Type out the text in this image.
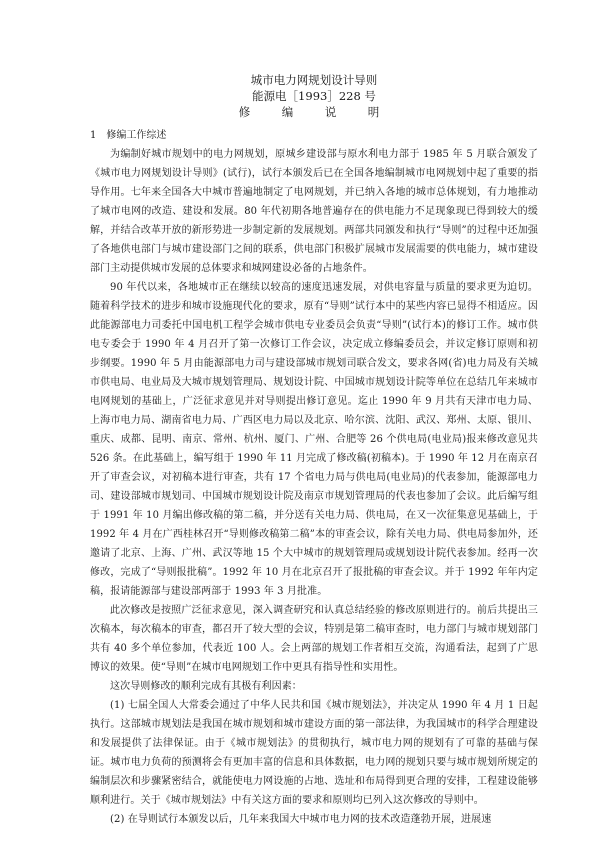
城市电力网规划设计导则
能源电［1993］228 号
修　编　说　明
1　修编工作综述

为编制好城市规划中的电力网规划，原城乡建设部与原水利电力部于 1985 年 5 月联合颁发了《城市电力网规划设计导则》(试行)，试行本颁发后已在全国各地编制城市电网规划中起了重要的指导作用。七年来全国各大中城市普遍地制定了电网规划，并已纳入各地的城市总体规划，有力地推动了城市电网的改造、建设和发展。80 年代初期各地普遍存在的供电能力不足现象现已得到较大的缓解，并结合改革开放的新形势进一步制定新的发展规划。两部共同颁发和执行“导则”的过程中还加强了各地供电部门与城市建设部门之间的联系，供电部门积极扩展城市发展需要的供电能力，城市建设部门主动提供城市发展的总体要求和城网建设必备的占地条件。

90 年代以来，各地城市正在继续以较高的速度迅速发展，对供电容量与质量的要求更为迫切。随着科学技术的进步和城市设施现代化的要求，原有“导则”试行本中的某些内容已显得不相适应。因此能源部电力司委托中国电机工程学会城市供电专业委员会负责“导则”(试行本)的修订工作。城市供电专委会于 1990 年 4 月召开了第一次修订工作会议，决定成立修编委员会，并议定修订原则和初步纲要。1990 年 5 月由能源部电力司与建设部城市规划司联合发文，要求各网(省)电力局及有关城市供电局、电业局及大城市规划管理局、规划设计院、中国城市规划设计院等单位在总结几年来城市电网规划的基础上，广泛征求意见并对导则提出修订意见。迄止 1990 年 9 月共有天津市电力局、上海市电力局、湖南省电力局、广西区电力局以及北京、哈尔滨、沈阳、武汉、郑州、太原、银川、重庆、成都、昆明、南京、常州、杭州、厦门、广州、合肥等 26 个供电局(电业局)报来修改意见共 526 条。在此基础上，编写组于 1990 年 11 月完成了修改稿(初稿本)。于 1990 年 12 月在南京召开了审查会议，对初稿本进行审查，共有 17 个省电力局与供电局(电业局)的代表参加，能源部电力司、建设部城市规划司、中国城市规划设计院及南京市规划管理局的代表也参加了会议。此后编写组于 1991 年 10 月编出修改稿的第二稿，并分送有关电力局、供电局，在又一次征集意见基础上，于 1992 年 4 月在广西桂林召开“导则修改稿第二稿”本的审查会议，除有关电力局、供电局参加外，还邀请了北京、上海、广州、武汉等地 15 个大中城市的规划管理局或规划设计院代表参加。经再一次修改，完成了“导则报批稿”。1992 年 10 月在北京召开了报批稿的审查会议。并于 1992 年年内定稿，报请能源部与建设部两部于 1993 年 3 月批准。

此次修改是按照广泛征求意见，深入调查研究和认真总结经验的修改原则进行的。前后共提出三次稿本，每次稿本的审查，都召开了较大型的会议，特别是第二稿审查时，电力部门与城市规划部门共有 40 多个单位参加，代表近 100 人。会上两部的规划工作者相互交流，沟通看法，起到了广思博议的效果。使“导则”在城市电网规划工作中更具有指导性和实用性。

这次导则修改的顺利完成有其极有利因素：

(1) 七届全国人大常委会通过了中华人民共和国《城市规划法》，并决定从 1990 年 4 月 1 日起执行。这部城市规划法是我国在城市规划和城市建设方面的第一部法律，为我国城市的科学合理建设和发展提供了法律保证。由于《城市规划法》的贯彻执行，城市电力网的规划有了可靠的基础与保证。城市电力负荷的预测将会有更加丰富的信息和具体数据，电力网的规划只要与城市规划所规定的编制层次和步骤紧密结合，就能使电力网设施的占地、选址和布局得到更合理的安排，工程建设能够顺利进行。关于《城市规划法》中有关这方面的要求和原则均已列入这次修改的导则中。

(2) 在导则试行本颁发以后，几年来我国大中城市电力网的技术改造蓬勃开展，进展速
